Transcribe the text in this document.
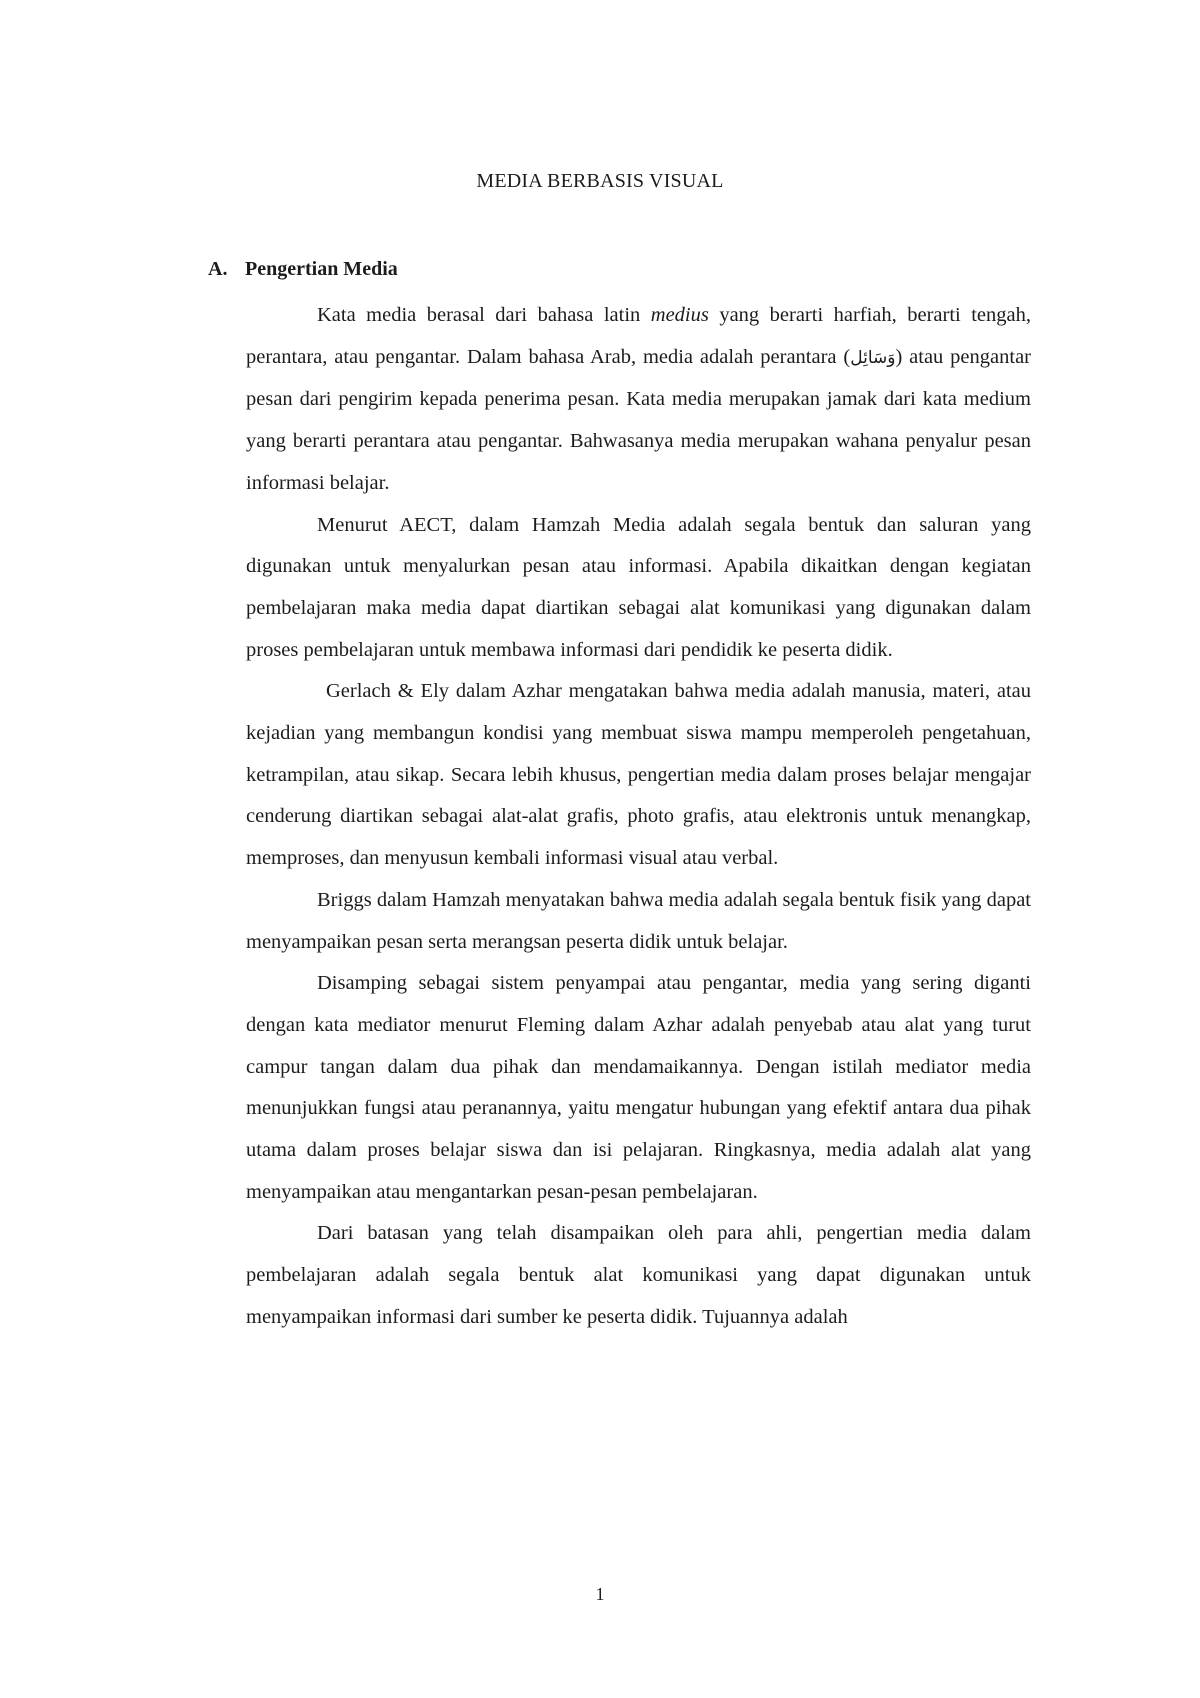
MEDIA BERBASIS VISUAL
A. Pengertian Media

Kata media berasal dari bahasa latin medius yang berarti harfiah, berarti tengah, perantara, atau pengantar. Dalam bahasa Arab, media adalah perantara (وَسَائِل) atau pengantar pesan dari pengirim kepada penerima pesan. Kata media merupakan jamak dari kata medium yang berarti perantara atau pengantar. Bahwasanya media merupakan wahana penyalur pesan informasi belajar.

Menurut AECT, dalam Hamzah Media adalah segala bentuk dan saluran yang digunakan untuk menyalurkan pesan atau informasi. Apabila dikaitkan dengan kegiatan pembelajaran maka media dapat diartikan sebagai alat komunikasi yang digunakan dalam proses pembelajaran untuk membawa informasi dari pendidik ke peserta didik.

Gerlach & Ely dalam Azhar mengatakan bahwa media adalah manusia, materi, atau kejadian yang membangun kondisi yang membuat siswa mampu memperoleh pengetahuan, ketrampilan, atau sikap. Secara lebih khusus, pengertian media dalam proses belajar mengajar cenderung diartikan sebagai alat-alat grafis, photo grafis, atau elektronis untuk menangkap, memproses, dan menyusun kembali informasi visual atau verbal.

Briggs dalam Hamzah menyatakan bahwa media adalah segala bentuk fisik yang dapat menyampaikan pesan serta merangsan peserta didik untuk belajar.

Disamping sebagai sistem penyampai atau pengantar, media yang sering diganti dengan kata mediator menurut Fleming dalam Azhar adalah penyebab atau alat yang turut campur tangan dalam dua pihak dan mendamaikannya. Dengan istilah mediator media menunjukkan fungsi atau peranannya, yaitu mengatur hubungan yang efektif antara dua pihak utama dalam proses belajar siswa dan isi pelajaran. Ringkasnya, media adalah alat yang menyampaikan atau mengantarkan pesan-pesan pembelajaran.

Dari batasan yang telah disampaikan oleh para ahli, pengertian media dalam pembelajaran adalah segala bentuk alat komunikasi yang dapat digunakan untuk menyampaikan informasi dari sumber ke peserta didik. Tujuannya adalah

1
